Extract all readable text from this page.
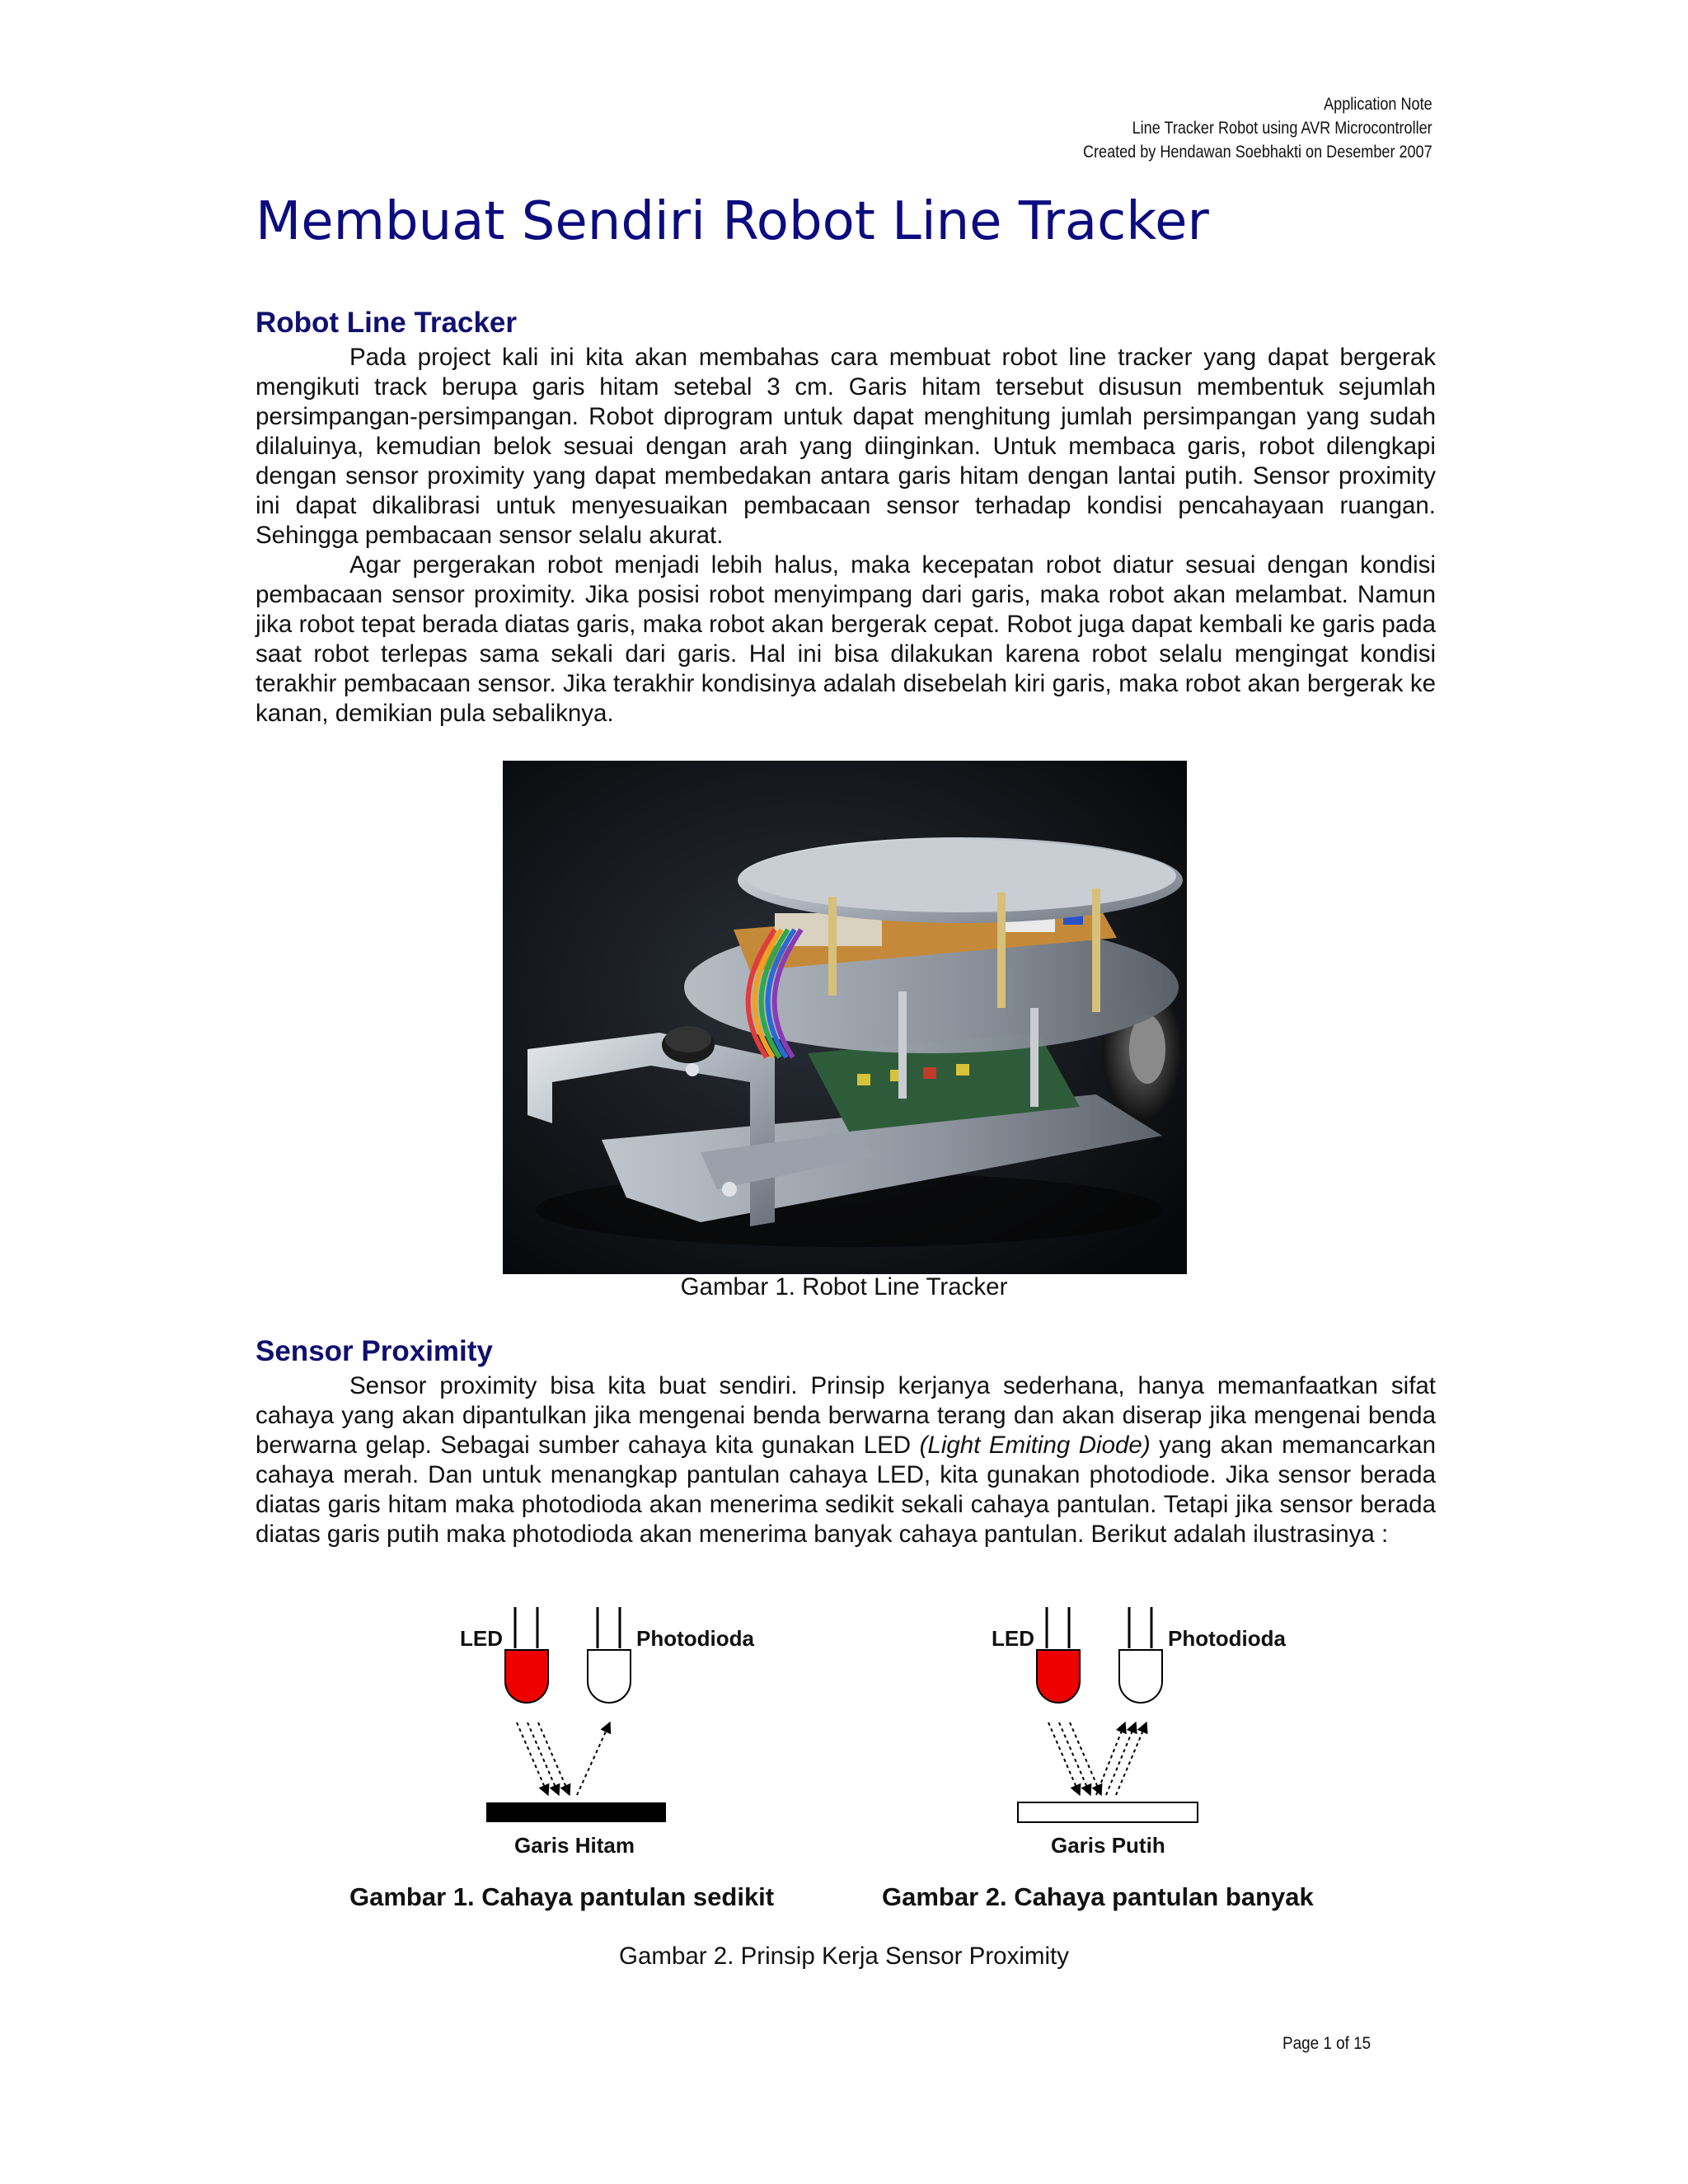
Application Note
Line Tracker Robot using AVR Microcontroller
Created by Hendawan Soebhakti on Desember 2007
Membuat Sendiri Robot Line Tracker
Robot Line Tracker

Pada project kali ini kita akan membahas cara membuat robot line tracker yang dapat bergerak mengikuti track berupa garis hitam setebal 3 cm. Garis hitam tersebut disusun membentuk sejumlah persimpangan-persimpangan. Robot diprogram untuk dapat menghitung jumlah persimpangan yang sudah dilaluinya, kemudian belok sesuai dengan arah yang diinginkan. Untuk membaca garis, robot dilengkapi dengan sensor proximity yang dapat membedakan antara garis hitam dengan lantai putih. Sensor proximity ini dapat dikalibrasi untuk menyesuaikan pembacaan sensor terhadap kondisi pencahayaan ruangan. Sehingga pembacaan sensor selalu akurat.

Agar pergerakan robot menjadi lebih halus, maka kecepatan robot diatur sesuai dengan kondisi pembacaan sensor proximity. Jika posisi robot menyimpang dari garis, maka robot akan melambat. Namun jika robot tepat berada diatas garis, maka robot akan bergerak cepat. Robot juga dapat kembali ke garis pada saat robot terlepas sama sekali dari garis. Hal ini bisa dilakukan karena robot selalu mengingat kondisi terakhir pembacaan sensor. Jika terakhir kondisinya adalah disebelah kiri garis, maka robot akan bergerak ke kanan, demikian pula sebaliknya.

Gambar 1. Robot Line Tracker

Sensor Proximity

Sensor proximity bisa kita buat sendiri. Prinsip kerjanya sederhana, hanya memanfaatkan sifat cahaya yang akan dipantulkan jika mengenai benda berwarna terang dan akan diserap jika mengenai benda berwarna gelap. Sebagai sumber cahaya kita gunakan LED (Light Emiting Diode) yang akan memancarkan cahaya merah. Dan untuk menangkap pantulan cahaya LED, kita gunakan photodiode. Jika sensor berada diatas garis hitam maka photodioda akan menerima sedikit sekali cahaya pantulan. Tetapi jika sensor berada diatas garis putih maka photodioda akan menerima banyak cahaya pantulan. Berikut adalah ilustrasinya :

LED	Photodioda
Garis Hitam
LED	Photodioda
Garis Putih

Gambar 1. Cahaya pantulan sedikit	Gambar 2. Cahaya pantulan banyak

Gambar 2. Prinsip Kerja Sensor Proximity

Page 1 of 15
